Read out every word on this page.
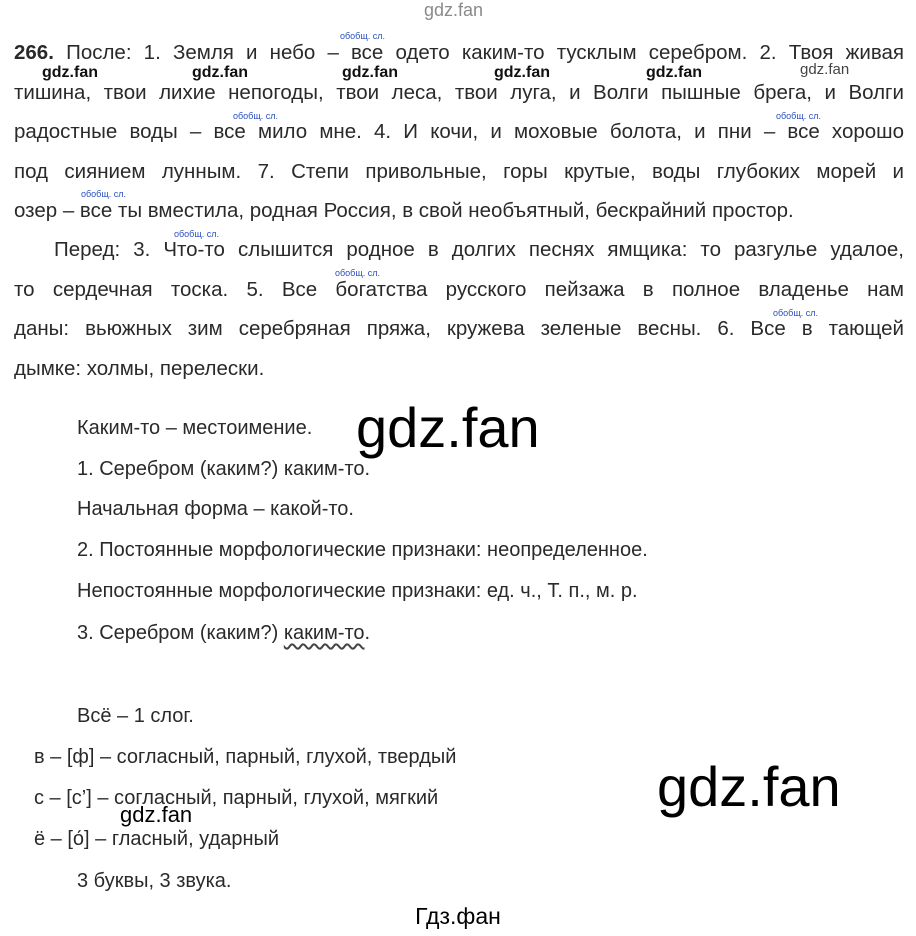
gdz.fan
266. После: 1. Земля и небо – все одето каким-то тусклым серебром. 2. Твоя живая
тишина, твои лихие непогоды, твои леса, твои луга, и Волги пышные брега, и Волги
радостные воды – все мило мне. 4. И кочи, и моховые болота, и пни – все хорошо
под сиянием лунным. 7. Степи привольные, горы крутые, воды глубоких морей и
озер – все ты вместила, родная Россия, в свой необъятный, бескрайний простор.
Перед: 3. Что-то слышится родное в долгих песнях ямщика: то разгулье удалое,
то сердечная тоска. 5. Все богатства русского пейзажа в полное владенье нам
даны: вьюжных зим серебряная пряжа, кружева зеленые весны. 6. Все в тающей
дымке: холмы, перелески.
обобщ. сл.
обобщ. сл.	обобщ. сл.
обобщ. сл.
обобщ. сл.
обобщ. сл.
обобщ. сл.
gdz.fan	gdz.fan	gdz.fan	gdz.fan	gdz.fan	gdz.fan
Каким-то – местоимение.
1. Серебром (каким?) каким-то.
Начальная форма – какой-то.
2. Постоянные морфологические признаки: неопределенное.
Непостоянные морфологические признаки: ед. ч., Т. п., м. р.
3. Серебром (каким?) каким-то.
gdz.fan
Всё – 1 слог.
в – [ф] – согласный, парный, глухой, твердый
с – [с’] – согласный, парный, глухой, мягкий
ё – [о́] – гласный, ударный
3 буквы, 3 звука.
gdz.fan
gdz.fan
Гдз.фан
